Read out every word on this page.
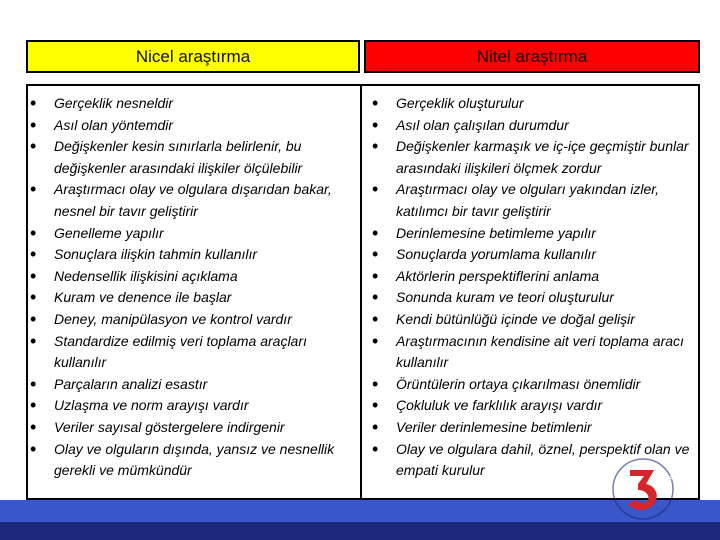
Nicel araştırma	Nitel araştırma
• Gerçeklik nesneldir
• Asıl olan yöntemdir
• Değişkenler kesin sınırlarla belirlenir, bu değişkenler arasındaki ilişkiler ölçülebilir
• Araştırmacı olay ve olgulara dışarıdan bakar, nesnel bir tavır geliştirir
• Genelleme yapılır
• Sonuçlara ilişkin tahmin kullanılır
• Nedensellik ilişkisini açıklama
• Kuram ve denence ile başlar
• Deney, manipülasyon ve kontrol vardır
• Standardize edilmiş veri toplama araçları kullanılır
• Parçaların analizi esastır
• Uzlaşma ve norm arayışı vardır
• Veriler sayısal göstergelere indirgenir
• Olay ve olguların dışında, yansız ve nesnellik gerekli ve mümkündür
• Gerçeklik oluşturulur
• Asıl olan çalışılan durumdur
• Değişkenler karmaşık ve iç-içe geçmiştir bunlar arasındaki ilişkileri ölçmek zordur
• Araştırmacı olay ve olguları yakından izler, katılımcı bir tavır geliştirir
• Derinlemesine betimleme yapılır
• Sonuçlarda yorumlama kullanılır
• Aktörlerin perspektiflerini anlama
• Sonunda kuram ve teori oluşturulur
• Kendi bütünlüğü içinde ve doğal gelişir
• Araştırmacının kendisine ait veri toplama aracı kullanılır
• Örüntülerin ortaya çıkarılması önemlidir
• Çokluluk ve farklılık arayışı vardır
• Veriler derinlemesine betimlenir
• Olay ve olgulara dahil, öznel, perspektif olan ve empati kurulur	24
